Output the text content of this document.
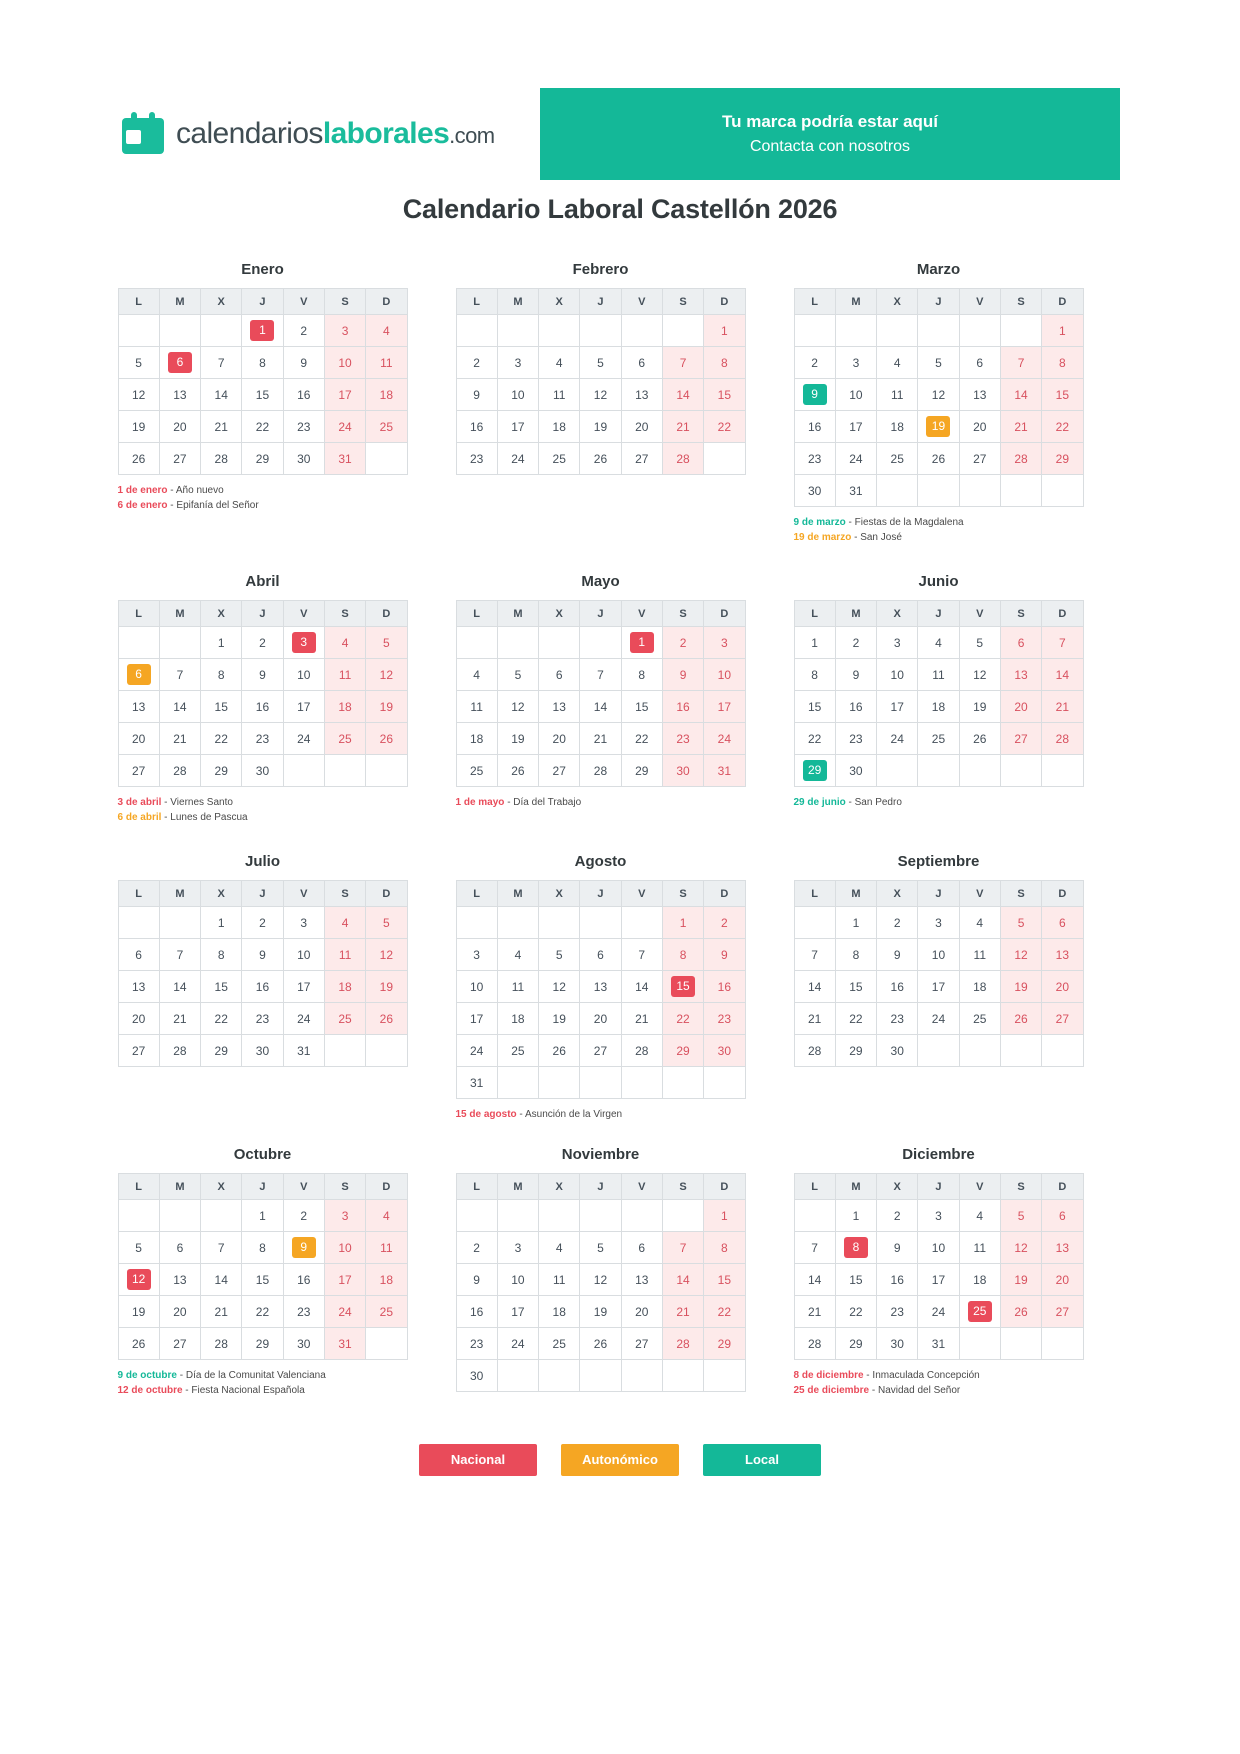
calendarioslaborales.com
Tu marca podría estar aquí
Contacta con nosotros
Calendario Laboral Castellón 2026
Enero
L	M	X	J	V	S	D

			1	2	3	4
5	6	7	8	9	10	11
12	13	14	15	16	17	18
19	20	21	22	23	24	25
26	27	28	29	30	31	
1 de enero - Año nuevo
6 de enero - Epifanía del Señor
Febrero
L	M	X	J	V	S	D
						1
2	3	4	5	6	7	8
9	10	11	12	13	14	15
16	17	18	19	20	21	22
23	24	25	26	27	28	
Marzo
L	M	X	J	V	S	D
						1
2	3	4	5	6	7	8

9	10	11	12	13	14	15
16	17	18	19	20	21	22
23	24	25	26	27	28	29
30	31					
9 de marzo - Fiestas de la Magdalena
19 de marzo - San José
Abril
L	M	X	J	V	S	D
		1	2	3	4	5

6	7	8	9	10	11	12
13	14	15	16	17	18	19
20	21	22	23	24	25	26
27	28	29	30			
3 de abril - Viernes Santo
6 de abril - Lunes de Pascua
Mayo
L	M	X	J	V	S	D

				1	2	3
4	5	6	7	8	9	10
11	12	13	14	15	16	17
18	19	20	21	22	23	24
25	26	27	28	29	30	31
1 de mayo - Día del Trabajo
Junio
L	M	X	J	V	S	D
1	2	3	4	5	6	7
8	9	10	11	12	13	14
15	16	17	18	19	20	21
22	23	24	25	26	27	28

29	30					
29 de junio - San Pedro
Julio
L	M	X	J	V	S	D
		1	2	3	4	5
6	7	8	9	10	11	12
13	14	15	16	17	18	19
20	21	22	23	24	25	26
27	28	29	30	31		
Agosto
L	M	X	J	V	S	D
					1	2
3	4	5	6	7	8	9
10	11	12	13	14	15	16
17	18	19	20	21	22	23
24	25	26	27	28	29	30
31						
15 de agosto - Asunción de la Virgen
Septiembre
L	M	X	J	V	S	D
	1	2	3	4	5	6
7	8	9	10	11	12	13
14	15	16	17	18	19	20
21	22	23	24	25	26	27
28	29	30				
Octubre
L	M	X	J	V	S	D
			1	2	3	4
5	6	7	8	9	10	11

12	13	14	15	16	17	18
19	20	21	22	23	24	25
26	27	28	29	30	31	
9 de octubre - Día de la Comunitat Valenciana
12 de octubre - Fiesta Nacional Española
Noviembre
L	M	X	J	V	S	D
						1
2	3	4	5	6	7	8
9	10	11	12	13	14	15
16	17	18	19	20	21	22
23	24	25	26	27	28	29
30						
Diciembre
L	M	X	J	V	S	D
	1	2	3	4	5	6
7	8	9	10	11	12	13
14	15	16	17	18	19	20
21	22	23	24	25	26	27
28	29	30	31			
8 de diciembre - Inmaculada Concepción
25 de diciembre - Navidad del Señor
Nacional	Autonómico	Local
